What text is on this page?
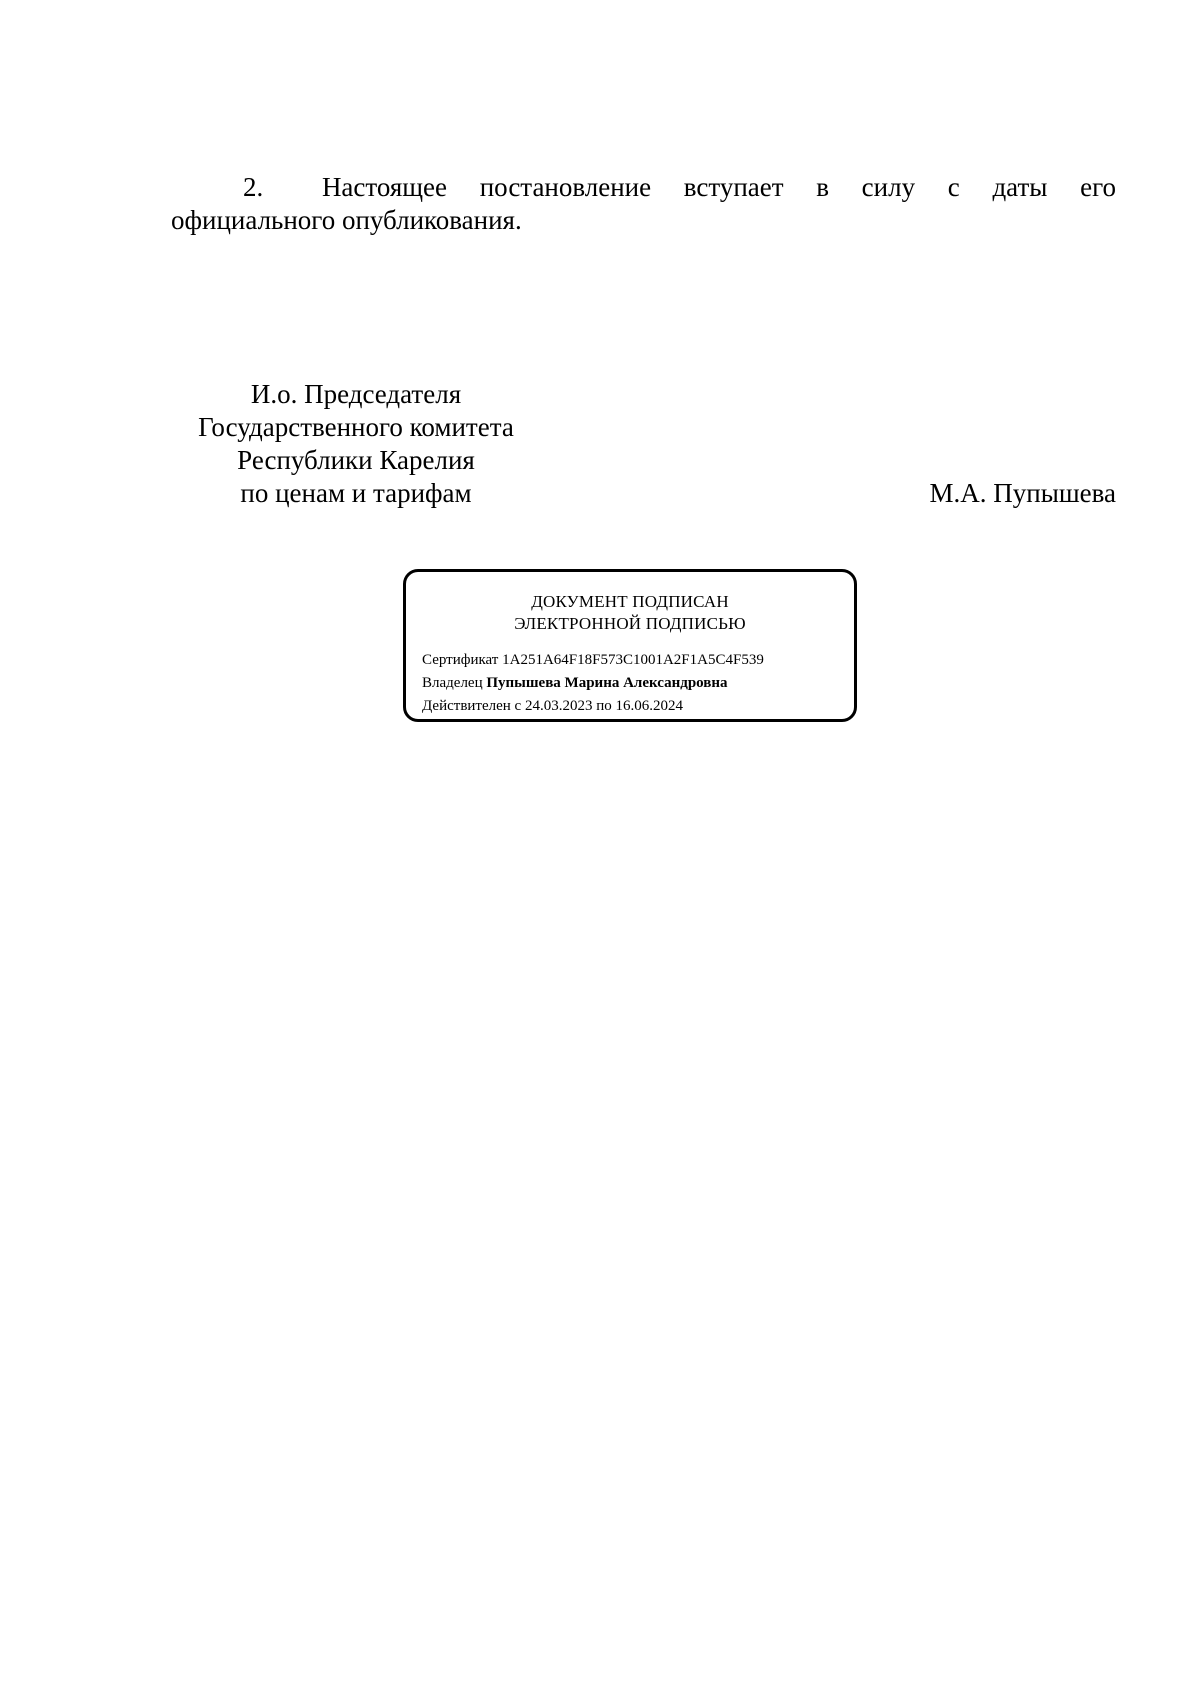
2.	Настоящее постановление вступает в силу с даты его
официального опубликования.
И.о. Председателя
Государственного комитета
Республики Карелия
по ценам и тарифам	М.А. Пупышева
ДОКУМЕНТ ПОДПИСАН
ЭЛЕКТРОННОЙ ПОДПИСЬЮ
Сертификат 1A251A64F18F573C1001A2F1A5C4F539
Владелец Пупышева Марина Александровна
Действителен с 24.03.2023 по 16.06.2024
